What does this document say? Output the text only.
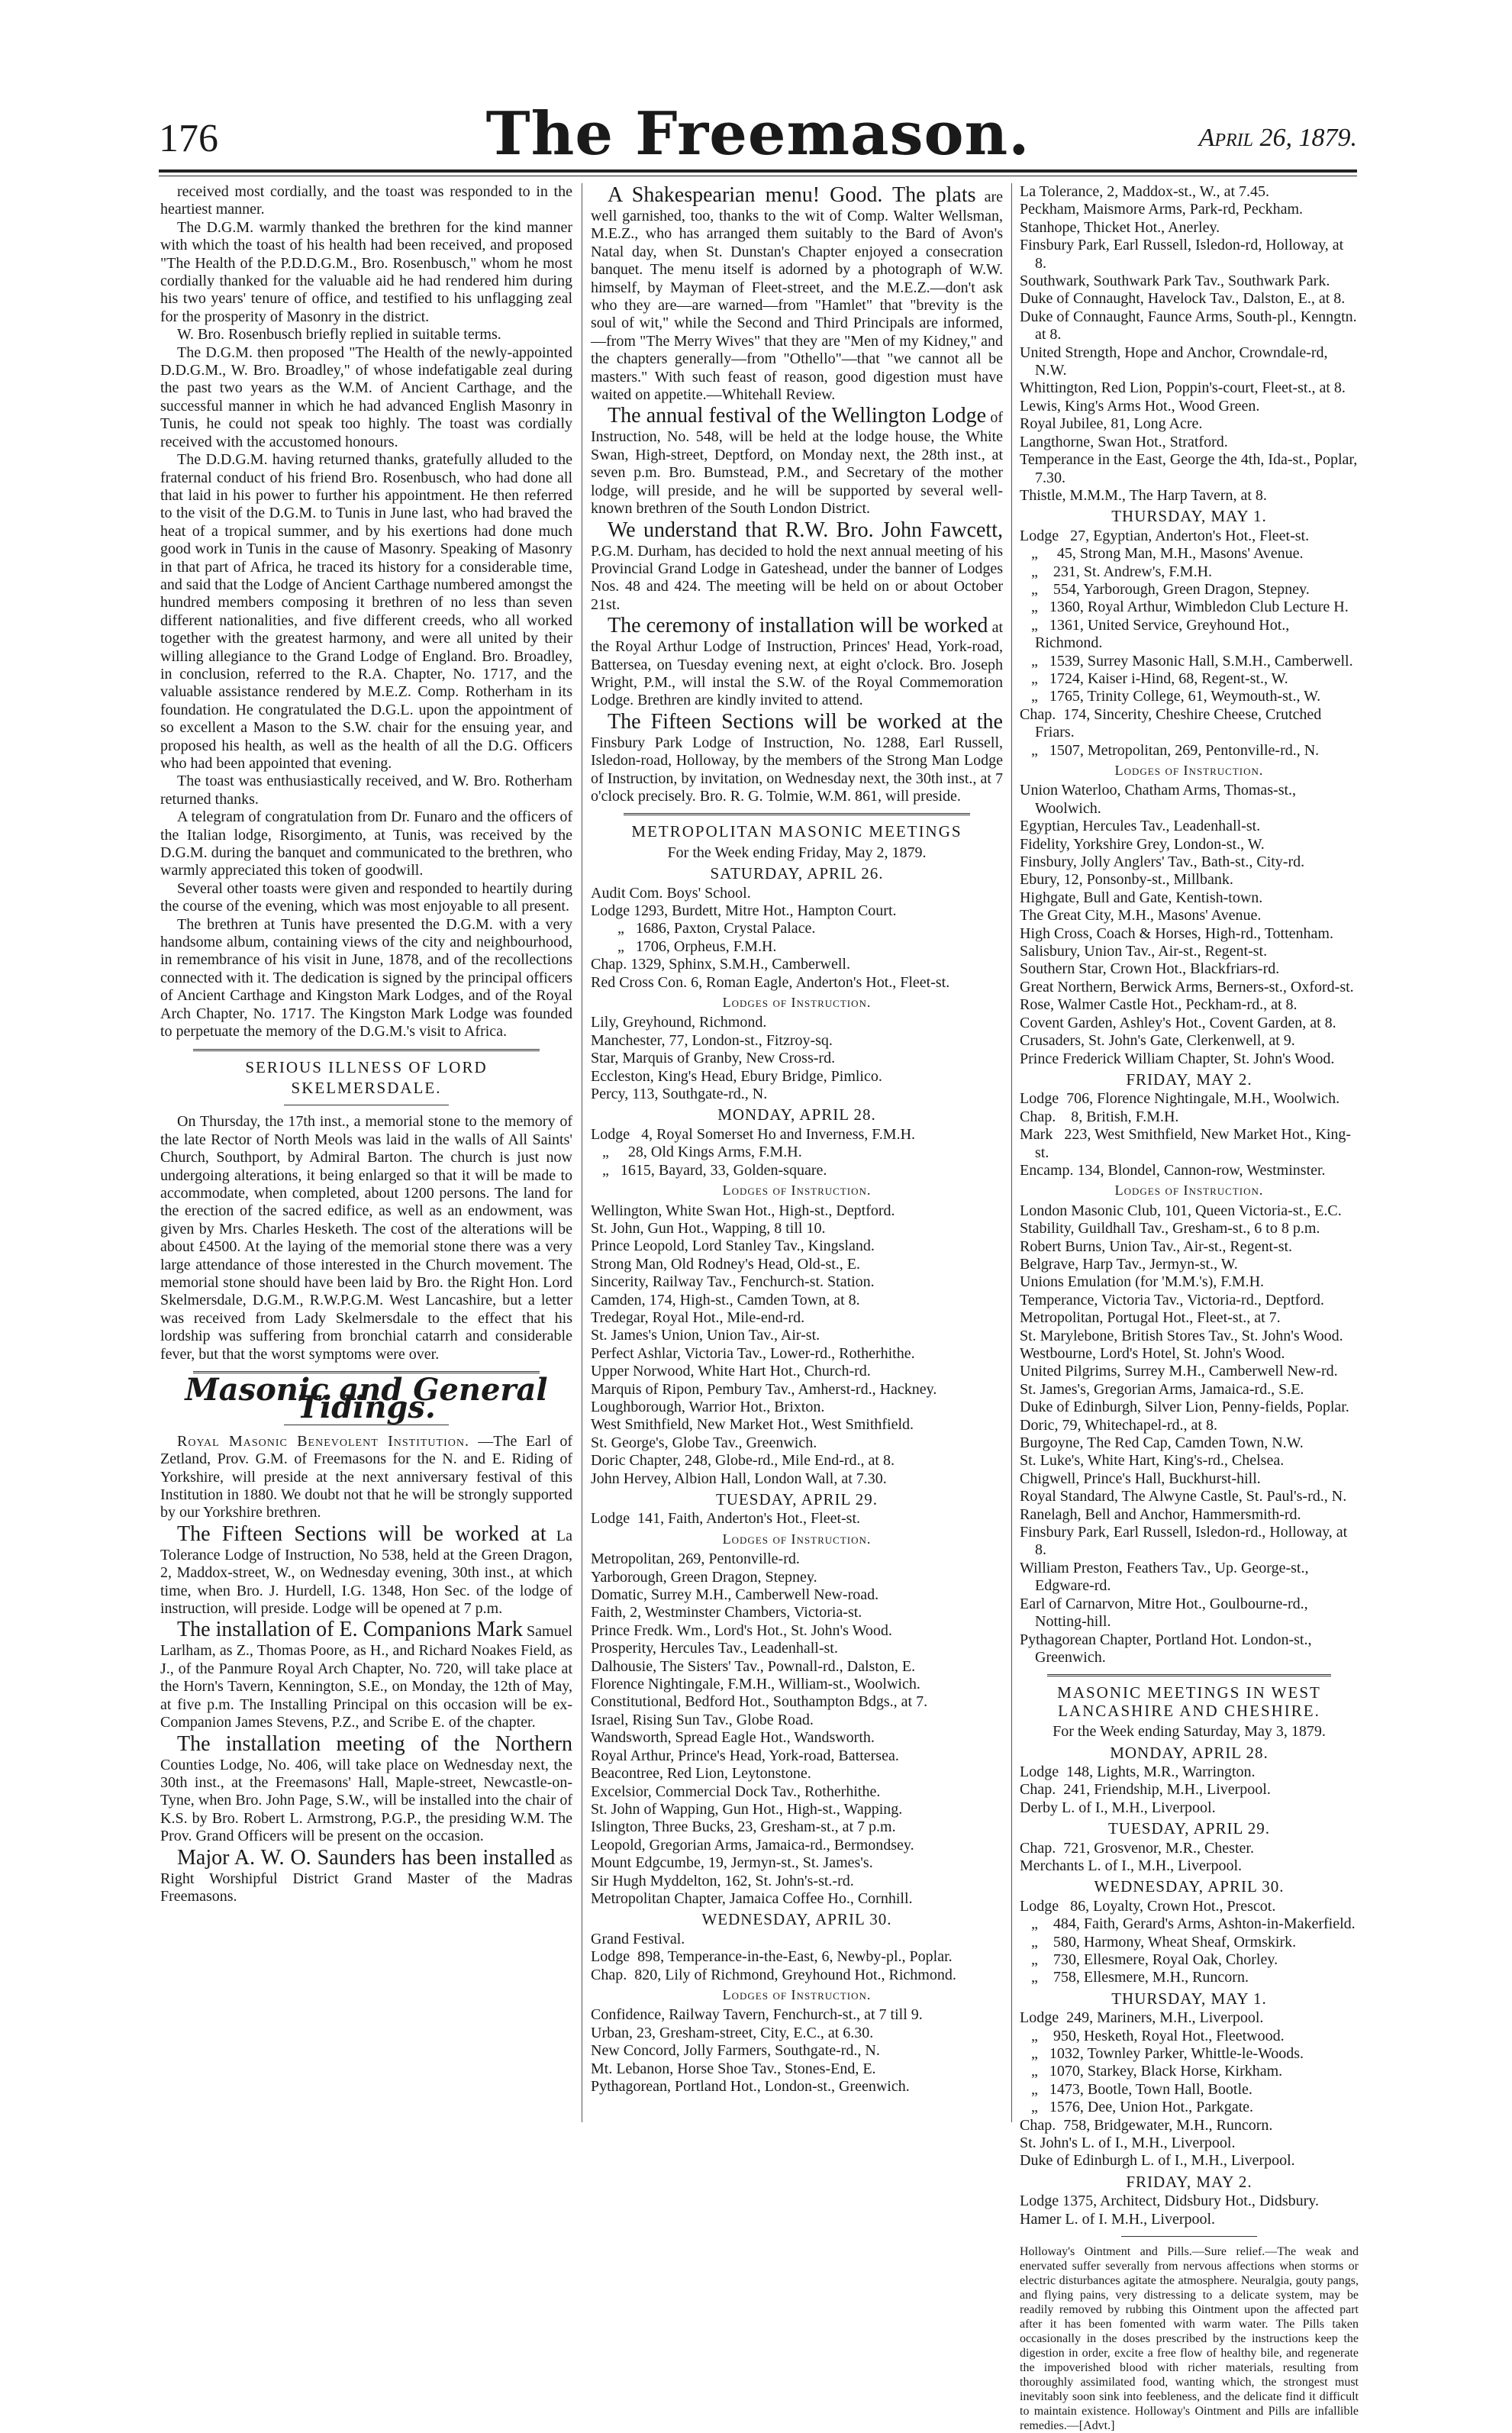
176	The Freemason.	April 26, 1879.

received most cordially, and the toast was responded to in the heartiest manner.

The D.G.M. warmly thanked the brethren for the kind manner with which the toast of his health had been received, and proposed "The Health of the P.D.D.G.M., Bro. Rosenbusch," whom he most cordially thanked for the valuable aid he had rendered him during his two years' tenure of office, and testified to his unflagging zeal for the prosperity of Masonry in the district.

W. Bro. Rosenbusch briefly replied in suitable terms.

The D.G.M. then proposed "The Health of the newly-appointed D.D.G.M., W. Bro. Broadley," of whose indefatigable zeal during the past two years as the W.M. of Ancient Carthage, and the successful manner in which he had advanced English Masonry in Tunis, he could not speak too highly. The toast was cordially received with the accustomed honours.

The D.D.G.M. having returned thanks, gratefully alluded to the fraternal conduct of his friend Bro. Rosenbusch, who had done all that laid in his power to further his appointment. He then referred to the visit of the D.G.M. to Tunis in June last, who had braved the heat of a tropical summer, and by his exertions had done much good work in Tunis in the cause of Masonry. Speaking of Masonry in that part of Africa, he traced its history for a considerable time, and said that the Lodge of Ancient Carthage numbered amongst the hundred members composing it brethren of no less than seven different nationalities, and five different creeds, who all worked together with the greatest harmony, and were all united by their willing allegiance to the Grand Lodge of England. Bro. Broadley, in conclusion, referred to the R.A. Chapter, No. 1717, and the valuable assistance rendered by M.E.Z. Comp. Rotherham in its foundation. He congratulated the D.G.L. upon the appointment of so excellent a Mason to the S.W. chair for the ensuing year, and proposed his health, as well as the health of all the D.G. Officers who had been appointed that evening.

The toast was enthusiastically received, and W. Bro. Rotherham returned thanks.

A telegram of congratulation from Dr. Funaro and the officers of the Italian lodge, Risorgimento, at Tunis, was received by the D.G.M. during the banquet and communicated to the brethren, who warmly appreciated this token of goodwill.

Several other toasts were given and responded to heartily during the course of the evening, which was most enjoyable to all present.

The brethren at Tunis have presented the D.G.M. with a very handsome album, containing views of the city and neighbourhood, in remembrance of his visit in June, 1878, and of the recollections connected with it. The dedication is signed by the principal officers of Ancient Carthage and Kingston Mark Lodges, and of the Royal Arch Chapter, No. 1717. The Kingston Mark Lodge was founded to perpetuate the memory of the D.G.M.'s visit to Africa.

SERIOUS ILLNESS OF LORD

SKELMERSDALE.

On Thursday, the 17th inst., a memorial stone to the memory of the late Rector of North Meols was laid in the walls of All Saints' Church, Southport, by Admiral Barton. The church is just now undergoing alterations, it being enlarged so that it will be made to accommodate, when completed, about 1200 persons. The land for the erection of the sacred edifice, as well as an endowment, was given by Mrs. Charles Hesketh. The cost of the alterations will be about £4500. At the laying of the memorial stone there was a very large attendance of those interested in the Church movement. The memorial stone should have been laid by Bro. the Right Hon. Lord Skelmersdale, D.G.M., R.W.P.G.M. West Lancashire, but a letter was received from Lady Skelmersdale to the effect that his lordship was suffering from bronchial catarrh and considerable fever, but that the worst symptoms were over.

Masonic and General Tidings.

Royal Masonic Benevolent Institution. —The Earl of Zetland, Prov. G.M. of Freemasons for the N. and E. Riding of Yorkshire, will preside at the next anniversary festival of this Institution in 1880. We doubt not that he will be strongly supported by our Yorkshire brethren.

The Fifteen Sections will be worked at La Tolerance Lodge of Instruction, No 538, held at the Green Dragon, 2, Maddox-street, W., on Wednesday evening, 30th inst., at which time, when Bro. J. Hurdell, I.G. 1348, Hon Sec. of the lodge of instruction, will preside. Lodge will be opened at 7 p.m.

The installation of E. Companions Mark Samuel Larlham, as Z., Thomas Poore, as H., and Richard Noakes Field, as J., of the Panmure Royal Arch Chapter, No. 720, will take place at the Horn's Tavern, Kennington, S.E., on Monday, the 12th of May, at five p.m. The Installing Principal on this occasion will be ex-Companion James Stevens, P.Z., and Scribe E. of the chapter.

The installation meeting of the Northern Counties Lodge, No. 406, will take place on Wednesday next, the 30th inst., at the Freemasons' Hall, Maple-street, Newcastle-on-Tyne, when Bro. John Page, S.W., will be installed into the chair of K.S. by Bro. Robert L. Armstrong, P.G.P., the presiding W.M. The Prov. Grand Officers will be present on the occasion.

Major A. W. O. Saunders has been installed as Right Worshipful District Grand Master of the Madras Freemasons.

A Shakespearian menu! Good. The plats are well garnished, too, thanks to the wit of Comp. Walter Wellsman, M.E.Z., who has arranged them suitably to the Bard of Avon's Natal day, when St. Dunstan's Chapter enjoyed a consecration banquet. The menu itself is adorned by a photograph of W.W. himself, by Mayman of Fleet-street, and the M.E.Z.—don't ask who they are—are warned—from "Hamlet" that "brevity is the soul of wit," while the Second and Third Principals are informed,—from "The Merry Wives" that they are "Men of my Kidney," and the chapters generally—from "Othello"—that "we cannot all be masters." With such feast of reason, good digestion must have waited on appetite.—Whitehall Review.

The annual festival of the Wellington Lodge of Instruction, No. 548, will be held at the lodge house, the White Swan, High-street, Deptford, on Monday next, the 28th inst., at seven p.m. Bro. Bumstead, P.M., and Secretary of the mother lodge, will preside, and he will be supported by several well-known brethren of the South London District.

We understand that R.W. Bro. John Fawcett, P.G.M. Durham, has decided to hold the next annual meeting of his Provincial Grand Lodge in Gateshead, under the banner of Lodges Nos. 48 and 424. The meeting will be held on or about October 21st.

The ceremony of installation will be worked at the Royal Arthur Lodge of Instruction, Princes' Head, York-road, Battersea, on Tuesday evening next, at eight o'clock. Bro. Joseph Wright, P.M., will instal the S.W. of the Royal Commemoration Lodge. Brethren are kindly invited to attend.

The Fifteen Sections will be worked at the Finsbury Park Lodge of Instruction, No. 1288, Earl Russell, Isledon-road, Holloway, by the members of the Strong Man Lodge of Instruction, by invitation, on Wednesday next, the 30th inst., at 7 o'clock precisely. Bro. R. G. Tolmie, W.M. 861, will preside.

METROPOLITAN MASONIC MEETINGS

For the Week ending Friday, May 2, 1879.

SATURDAY, APRIL 26.

Audit Com. Boys' School.
Lodge 1293, Burdett, Mitre Hot., Hampton Court.
„   1686, Paxton, Crystal Palace.
„   1706, Orpheus, F.M.H.
Chap. 1329, Sphinx, S.M.H., Camberwell.
Red Cross Con. 6, Roman Eagle, Anderton's Hot., Fleet-st.

Lodges of Instruction.

Lily, Greyhound, Richmond.
Manchester, 77, London-st., Fitzroy-sq.
Star, Marquis of Granby, New Cross-rd.
Eccleston, King's Head, Ebury Bridge, Pimlico.
Percy, 113, Southgate-rd., N.

MONDAY, APRIL 28.

Lodge   4, Royal Somerset Ho and Inverness, F.M.H.
„     28, Old Kings Arms, F.M.H.
„   1615, Bayard, 33, Golden-square.

Lodges of Instruction.

Wellington, White Swan Hot., High-st., Deptford.
St. John, Gun Hot., Wapping, 8 till 10.
Prince Leopold, Lord Stanley Tav., Kingsland.
Strong Man, Old Rodney's Head, Old-st., E.
Sincerity, Railway Tav., Fenchurch-st. Station.
Camden, 174, High-st., Camden Town, at 8.
Tredegar, Royal Hot., Mile-end-rd.
St. James's Union, Union Tav., Air-st.
Perfect Ashlar, Victoria Tav., Lower-rd., Rotherhithe.
Upper Norwood, White Hart Hot., Church-rd.
Marquis of Ripon, Pembury Tav., Amherst-rd., Hackney.
Loughborough, Warrior Hot., Brixton.
West Smithfield, New Market Hot., West Smithfield.
St. George's, Globe Tav., Greenwich.
Doric Chapter, 248, Globe-rd., Mile End-rd., at 8.
John Hervey, Albion Hall, London Wall, at 7.30.

TUESDAY, APRIL 29.

Lodge  141, Faith, Anderton's Hot., Fleet-st.

Lodges of Instruction.

Metropolitan, 269, Pentonville-rd.
Yarborough, Green Dragon, Stepney.
Domatic, Surrey M.H., Camberwell New-road.
Faith, 2, Westminster Chambers, Victoria-st.
Prince Fredk. Wm., Lord's Hot., St. John's Wood.
Prosperity, Hercules Tav., Leadenhall-st.
Dalhousie, The Sisters' Tav., Pownall-rd., Dalston, E.
Florence Nightingale, F.M.H., William-st., Woolwich.
Constitutional, Bedford Hot., Southampton Bdgs., at 7.
Israel, Rising Sun Tav., Globe Road.
Wandsworth, Spread Eagle Hot., Wandsworth.
Royal Arthur, Prince's Head, York-road, Battersea.
Beacontree, Red Lion, Leytonstone.
Excelsior, Commercial Dock Tav., Rotherhithe.
St. John of Wapping, Gun Hot., High-st., Wapping.
Islington, Three Bucks, 23, Gresham-st., at 7 p.m.
Leopold, Gregorian Arms, Jamaica-rd., Bermondsey.
Mount Edgcumbe, 19, Jermyn-st., St. James's.
Sir Hugh Myddelton, 162, St. John's-st.-rd.
Metropolitan Chapter, Jamaica Coffee Ho., Cornhill.

WEDNESDAY, APRIL 30.

Grand Festival.
Lodge  898, Temperance-in-the-East, 6, Newby-pl., Poplar.
Chap.  820, Lily of Richmond, Greyhound Hot., Richmond.

Lodges of Instruction.

Confidence, Railway Tavern, Fenchurch-st., at 7 till 9.
Urban, 23, Gresham-street, City, E.C., at 6.30.
New Concord, Jolly Farmers, Southgate-rd., N.
Mt. Lebanon, Horse Shoe Tav., Stones-End, E.
Pythagorean, Portland Hot., London-st., Greenwich.
La Tolerance, 2, Maddox-st., W., at 7.45.
Peckham, Maismore Arms, Park-rd, Peckham.
Stanhope, Thicket Hot., Anerley.
Finsbury Park, Earl Russell, Isledon-rd, Holloway, at 8.
Southwark, Southwark Park Tav., Southwark Park.
Duke of Connaught, Havelock Tav., Dalston, E., at 8.
Duke of Connaught, Faunce Arms, South-pl., Kenngtn. at 8.
United Strength, Hope and Anchor, Crowndale-rd, N.W.
Whittington, Red Lion, Poppin's-court, Fleet-st., at 8.
Lewis, King's Arms Hot., Wood Green.
Royal Jubilee, 81, Long Acre.
Langthorne, Swan Hot., Stratford.
Temperance in the East, George the 4th, Ida-st., Poplar, 7.30.
Thistle, M.M.M., The Harp Tavern, at 8.

THURSDAY, MAY 1.

Lodge   27, Egyptian, Anderton's Hot., Fleet-st.
„     45, Strong Man, M.H., Masons' Avenue.
„    231, St. Andrew's, F.M.H.
„    554, Yarborough, Green Dragon, Stepney.
„   1360, Royal Arthur, Wimbledon Club Lecture H.
„   1361, United Service, Greyhound Hot., Richmond.
„   1539, Surrey Masonic Hall, S.M.H., Camberwell.
„   1724, Kaiser i-Hind, 68, Regent-st., W.
„   1765, Trinity College, 61, Weymouth-st., W.
Chap.  174, Sincerity, Cheshire Cheese, Crutched Friars.
„   1507, Metropolitan, 269, Pentonville-rd., N.

Lodges of Instruction.

Union Waterloo, Chatham Arms, Thomas-st., Woolwich.
Egyptian, Hercules Tav., Leadenhall-st.
Fidelity, Yorkshire Grey, London-st., W.
Finsbury, Jolly Anglers' Tav., Bath-st., City-rd.
Ebury, 12, Ponsonby-st., Millbank.
Highgate, Bull and Gate, Kentish-town.
The Great City, M.H., Masons' Avenue.
High Cross, Coach & Horses, High-rd., Tottenham.
Salisbury, Union Tav., Air-st., Regent-st.
Southern Star, Crown Hot., Blackfriars-rd.
Great Northern, Berwick Arms, Berners-st., Oxford-st.
Rose, Walmer Castle Hot., Peckham-rd., at 8.
Covent Garden, Ashley's Hot., Covent Garden, at 8.
Crusaders, St. John's Gate, Clerkenwell, at 9.
Prince Frederick William Chapter, St. John's Wood.

FRIDAY, MAY 2.

Lodge  706, Florence Nightingale, M.H., Woolwich.
Chap.    8, British, F.M.H.
Mark   223, West Smithfield, New Market Hot., King-st.
Encamp. 134, Blondel, Cannon-row, Westminster.

Lodges of Instruction.

London Masonic Club, 101, Queen Victoria-st., E.C.
Stability, Guildhall Tav., Gresham-st., 6 to 8 p.m.
Robert Burns, Union Tav., Air-st., Regent-st.
Belgrave, Harp Tav., Jermyn-st., W.
Unions Emulation (for 'M.M.'s), F.M.H.
Temperance, Victoria Tav., Victoria-rd., Deptford.
Metropolitan, Portugal Hot., Fleet-st., at 7.
St. Marylebone, British Stores Tav., St. John's Wood.
Westbourne, Lord's Hotel, St. John's Wood.
United Pilgrims, Surrey M.H., Camberwell New-rd.
St. James's, Gregorian Arms, Jamaica-rd., S.E.
Duke of Edinburgh, Silver Lion, Penny-fields, Poplar.
Doric, 79, Whitechapel-rd., at 8.
Burgoyne, The Red Cap, Camden Town, N.W.
St. Luke's, White Hart, King's-rd., Chelsea.
Chigwell, Prince's Hall, Buckhurst-hill.
Royal Standard, The Alwyne Castle, St. Paul's-rd., N.
Ranelagh, Bell and Anchor, Hammersmith-rd.
Finsbury Park, Earl Russell, Isledon-rd., Holloway, at 8.
William Preston, Feathers Tav., Up. George-st., Edgware-rd.
Earl of Carnarvon, Mitre Hot., Goulbourne-rd., Notting-hill.
Pythagorean Chapter, Portland Hot. London-st., Greenwich.

MASONIC MEETINGS IN WEST LANCASHIRE AND CHESHIRE.

For the Week ending Saturday, May 3, 1879.

MONDAY, APRIL 28.

Lodge  148, Lights, M.R., Warrington.
Chap.  241, Friendship, M.H., Liverpool.
Derby L. of I., M.H., Liverpool.

TUESDAY, APRIL 29.

Chap.  721, Grosvenor, M.R., Chester.
Merchants L. of I., M.H., Liverpool.

WEDNESDAY, APRIL 30.

Lodge   86, Loyalty, Crown Hot., Prescot.
„    484, Faith, Gerard's Arms, Ashton-in-Makerfield.
„    580, Harmony, Wheat Sheaf, Ormskirk.
„    730, Ellesmere, Royal Oak, Chorley.
„    758, Ellesmere, M.H., Runcorn.

THURSDAY, MAY 1.

Lodge  249, Mariners, M.H., Liverpool.
„    950, Hesketh, Royal Hot., Fleetwood.
„   1032, Townley Parker, Whittle-le-Woods.
„   1070, Starkey, Black Horse, Kirkham.
„   1473, Bootle, Town Hall, Bootle.
„   1576, Dee, Union Hot., Parkgate.
Chap.  758, Bridgewater, M.H., Runcorn.
St. John's L. of I., M.H., Liverpool.
Duke of Edinburgh L. of I., M.H., Liverpool.

FRIDAY, MAY 2.

Lodge 1375, Architect, Didsbury Hot., Didsbury.
Hamer L. of I. M.H., Liverpool.

Holloway's Ointment and Pills.—Sure relief.—The weak and enervated suffer severally from nervous affections when storms or electric disturbances agitate the atmosphere. Neuralgia, gouty pangs, and flying pains, very distressing to a delicate system, may be readily removed by rubbing this Ointment upon the affected part after it has been fomented with warm water. The Pills taken occasionally in the doses prescribed by the instructions keep the digestion in order, excite a free flow of healthy bile, and regenerate the impoverished blood with richer materials, resulting from thoroughly assimilated food, wanting which, the strongest must inevitably soon sink into feebleness, and the delicate find it difficult to maintain existence. Holloway's Ointment and Pills are infallible remedies.—[Advt.]
